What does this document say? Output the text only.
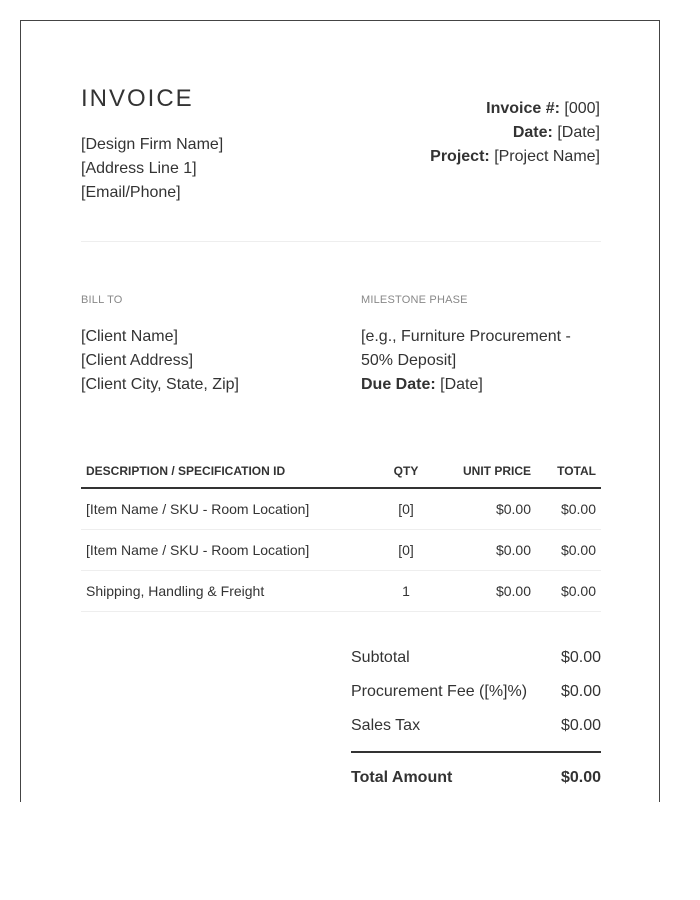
INVOICE
[Design Firm Name]
[Address Line 1]
[Email/Phone]
Invoice #: [000]
Date: [Date]
Project: [Project Name]
BILL TO	MILESTONE PHASE
[Client Name]
[Client Address]
[Client City, State, Zip]
[e.g., Furniture Procurement -
50% Deposit]
Due Date: [Date]
DESCRIPTION / SPECIFICATION ID	QTY	UNIT PRICE	TOTAL
[Item Name / SKU - Room Location]	[0]	$0.00	$0.00
[Item Name / SKU - Room Location]	[0]	$0.00	$0.00
Shipping, Handling & Freight	1	$0.00	$0.00
Subtotal	$0.00
Procurement Fee ([%]%) $0.00
Sales Tax	$0.00
Total Amount	$0.00
